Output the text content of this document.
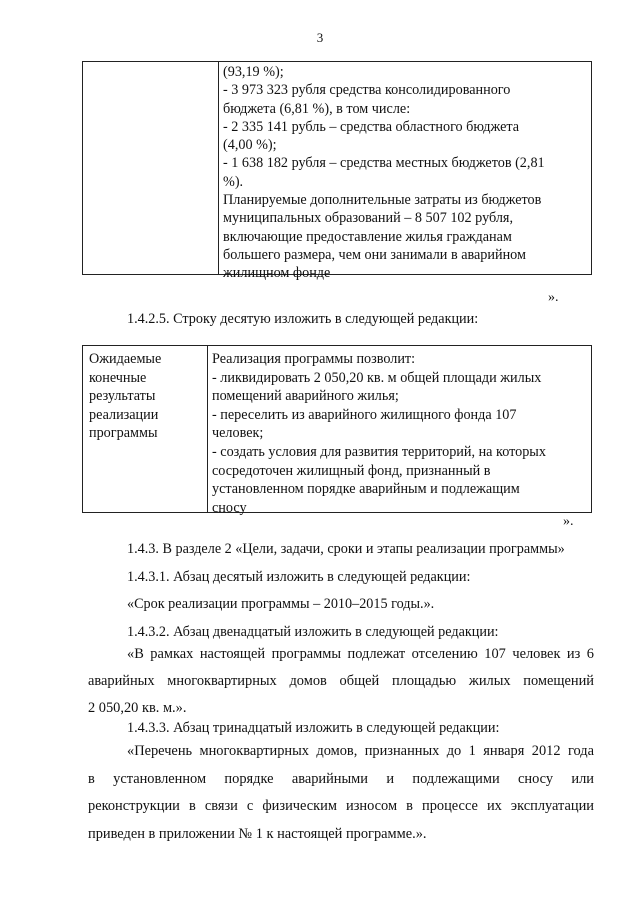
3
(93,19 %);
- 3 973 323 рубля средства консолидированного
бюджета (6,81 %), в том числе:
- 2 335 141 рубль – средства областного бюджета
(4,00 %);
- 1 638 182 рубля – средства местных бюджетов (2,81
%).
Планируемые дополнительные затраты из бюджетов
муниципальных образований – 8 507 102 рубля,
включающие предоставление жилья гражданам
большего размера, чем они занимали в аварийном
жилищном фонде
».
1.4.2.5. Строку десятую изложить в следующей редакции:
Ожидаемые
конечные
результаты
реализации
программы
Реализация программы позволит:
- ликвидировать 2 050,20 кв. м общей площади жилых
помещений аварийного жилья;
- переселить из аварийного жилищного фонда 107
человек;
- создать условия для развития территорий, на которых
сосредоточен жилищный фонд, признанный в
установленном порядке аварийным и подлежащим
сносу
».
1.4.3. В разделе 2 «Цели, задачи, сроки и этапы реализации программы»
1.4.3.1. Абзац десятый изложить в следующей редакции:
«Срок реализации программы – 2010–2015 годы.».
1.4.3.2. Абзац двенадцатый изложить в следующей редакции:
«В рамках настоящей программы подлежат отселению 107 человек из 6
аварийных многоквартирных домов общей площадью жилых помещений
2 050,20 кв. м.».
1.4.3.3. Абзац тринадцатый изложить в следующей редакции:
«Перечень многоквартирных домов, признанных до 1 января 2012 года
в установленном порядке аварийными и подлежащими сносу или
реконструкции в связи с физическим износом в процессе их эксплуатации
приведен в приложении № 1 к настоящей программе.».
